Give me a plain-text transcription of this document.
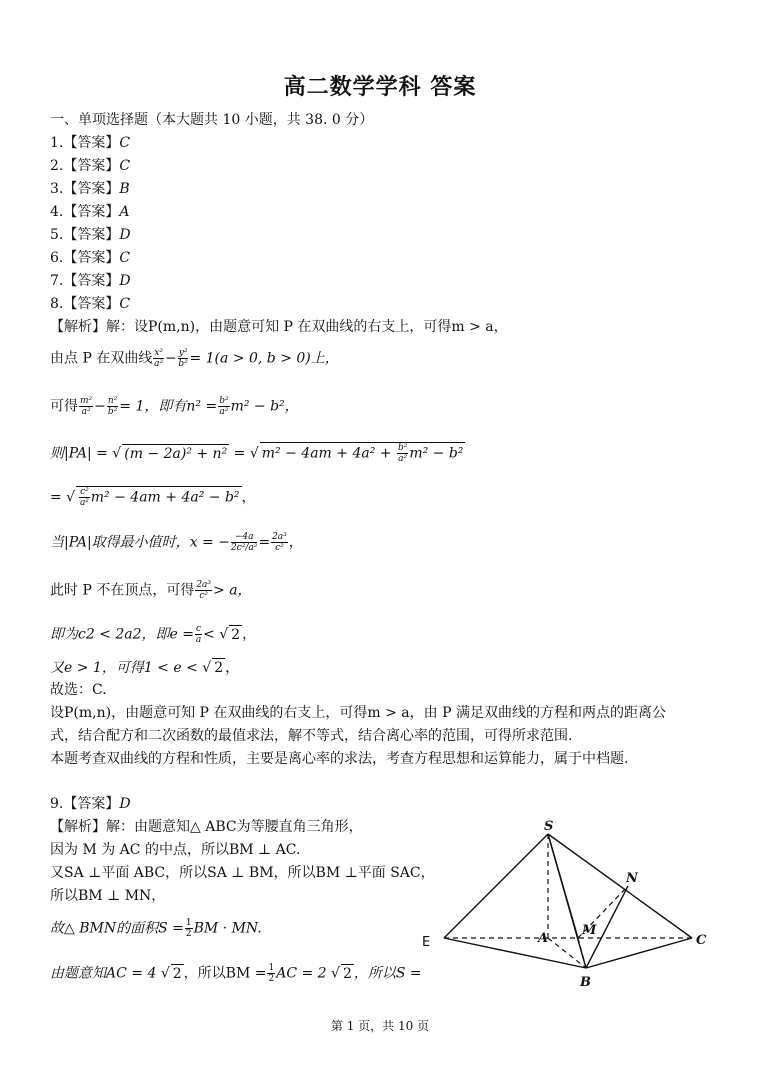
高二数学学科 答案
一、单项选择题（本大题共 10 小题，共 38. 0 分）
1.【答案】C
2.【答案】C
3.【答案】B
4.【答案】A
5.【答案】D
6.【答案】C
7.【答案】D
8.【答案】C
【解析】解：设P(m,n)，由题意可知 P 在双曲线的右支上，可得m > a，
由点 P 在双曲线 $\frac{\text{x²}}{\text{a²}} - \frac{\text{y²}}{\text{b²}} = 1(a > 0$, b > 0)上，
可得 $\frac{\text{m²}}{\text{a²}} - \frac{\text{n²}}{\text{b²}} = 1$，即有$n^2 = \frac{\text{b²}}{\text{a²}} m^2 - b^2$，
则|PA| = √ (m − 2a)² + n² = √ $m^2 - 4am + 4a^2 + \frac{\text{b²}}{\text{a²}} m^2 - b^2$
= √ $\frac{\text{c²}}{\text{a²}} m^2 - 4am + 4a^2 - b^2$ ，
当|PA|取得最小值时，x = − $\frac{-4a}{\text{2c²/a²}} = \frac{\text{2a³}}{\text{c²}}$ ，
此时 P 不在顶点，可得 $\frac{\text{2a³}}{\text{c²}} > a$，
即为c2 < 2a2，即$e = \frac{c}{a}$ < √ 2 ，
又e > 1，可得1 < e < √ 2 ，
故选：C.
设P(m,n)，由题意可知 P 在双曲线的右支上，可得m > a，由 P 满足双曲线的方程和两点的距离公
式，结合配方和二次函数的最值求法，解不等式，结合离心率的范围，可得所求范围.
本题考查双曲线的方程和性质，主要是离心率的求法，考查方程思想和运算能力，属于中档题.
9.【答案】D
【解析】解：由题意知△ ABC为等腰直角三角形，
因为 M 为 AC 的中点，所以BM ⊥ AC.
又SA ⊥平面 ABC，所以SA ⊥ BM，所以BM ⊥平面 SAC，
所以BM ⊥ MN，
故△ BMN的面积$S = \frac{1}{2}$ BM · MN.
由题意知AC = 4 √ 2 ，所以BM = $\frac{1}{2}$ AC = 2 √ 2 ，所以S =
S
N
M
A	C
B
E
第 1 页，共 10 页
